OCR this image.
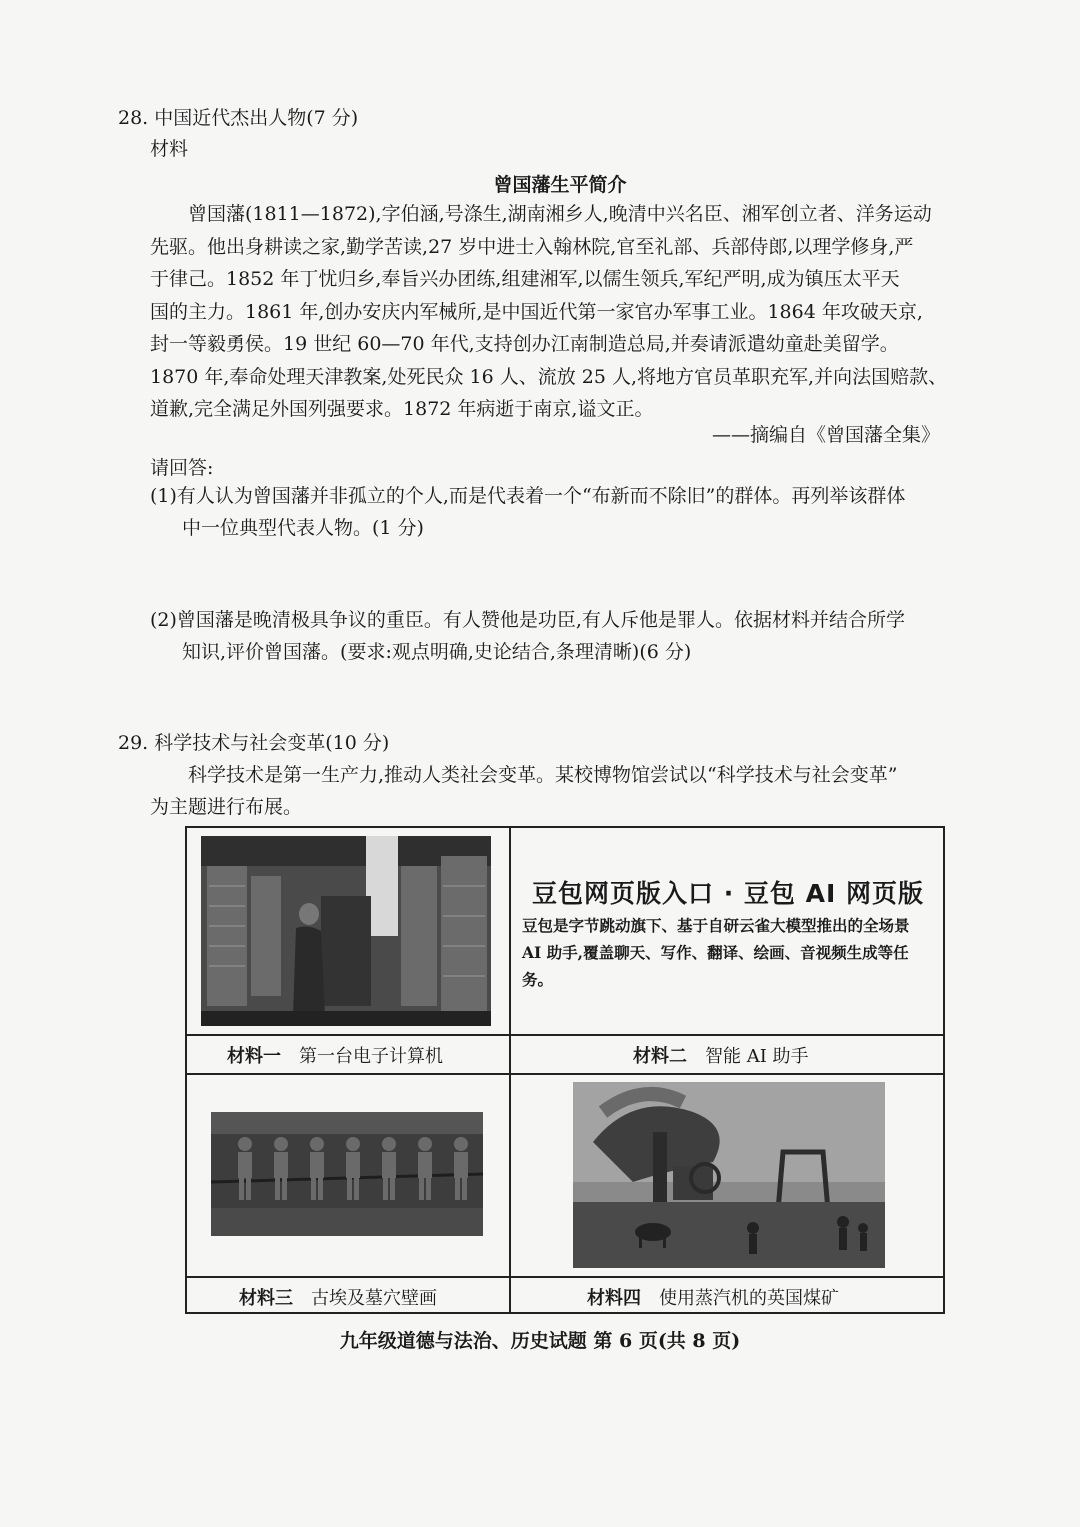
28. 中国近代杰出人物(7 分)
材料
曾国藩生平简介
曾国藩(1811—1872),字伯涵,号涤生,湖南湘乡人,晚清中兴名臣、湘军创立者、洋务运动
先驱。他出身耕读之家,勤学苦读,27 岁中进士入翰林院,官至礼部、兵部侍郎,以理学修身,严
于律己。1852 年丁忧归乡,奉旨兴办团练,组建湘军,以儒生领兵,军纪严明,成为镇压太平天
国的主力。1861 年,创办安庆内军械所,是中国近代第一家官办军事工业。1864 年攻破天京,
封一等毅勇侯。19 世纪 60—70 年代,支持创办江南制造总局,并奏请派遣幼童赴美留学。
1870 年,奉命处理天津教案,处死民众 16 人、流放 25 人,将地方官员革职充军,并向法国赔款、
道歉,完全满足外国列强要求。1872 年病逝于南京,谥文正。
——摘编自《曾国藩全集》
请回答:
(1)有人认为曾国藩并非孤立的个人,而是代表着一个“布新而不除旧”的群体。再列举该群体
中一位典型代表人物。(1 分)
(2)曾国藩是晚清极具争议的重臣。有人赞他是功臣,有人斥他是罪人。依据材料并结合所学
知识,评价曾国藩。(要求:观点明确,史论结合,条理清晰)(6 分)
29. 科学技术与社会变革(10 分)
科学技术是第一生产力,推动人类社会变革。某校博物馆尝试以“科学技术与社会变革”
为主题进行布展。
豆包网页版入口 · 豆包 AI 网页版
豆包是字节跳动旗下、基于自研云雀大模型推出的全场景 AI 助手,覆盖聊天、写作、翻译、绘画、音视频生成等任务。
材料一 第一台电子计算机	材料二 智能 AI 助手
材料三 古埃及墓穴壁画	材料四 使用蒸汽机的英国煤矿
九年级道德与法治、历史试题 第 6 页(共 8 页)
